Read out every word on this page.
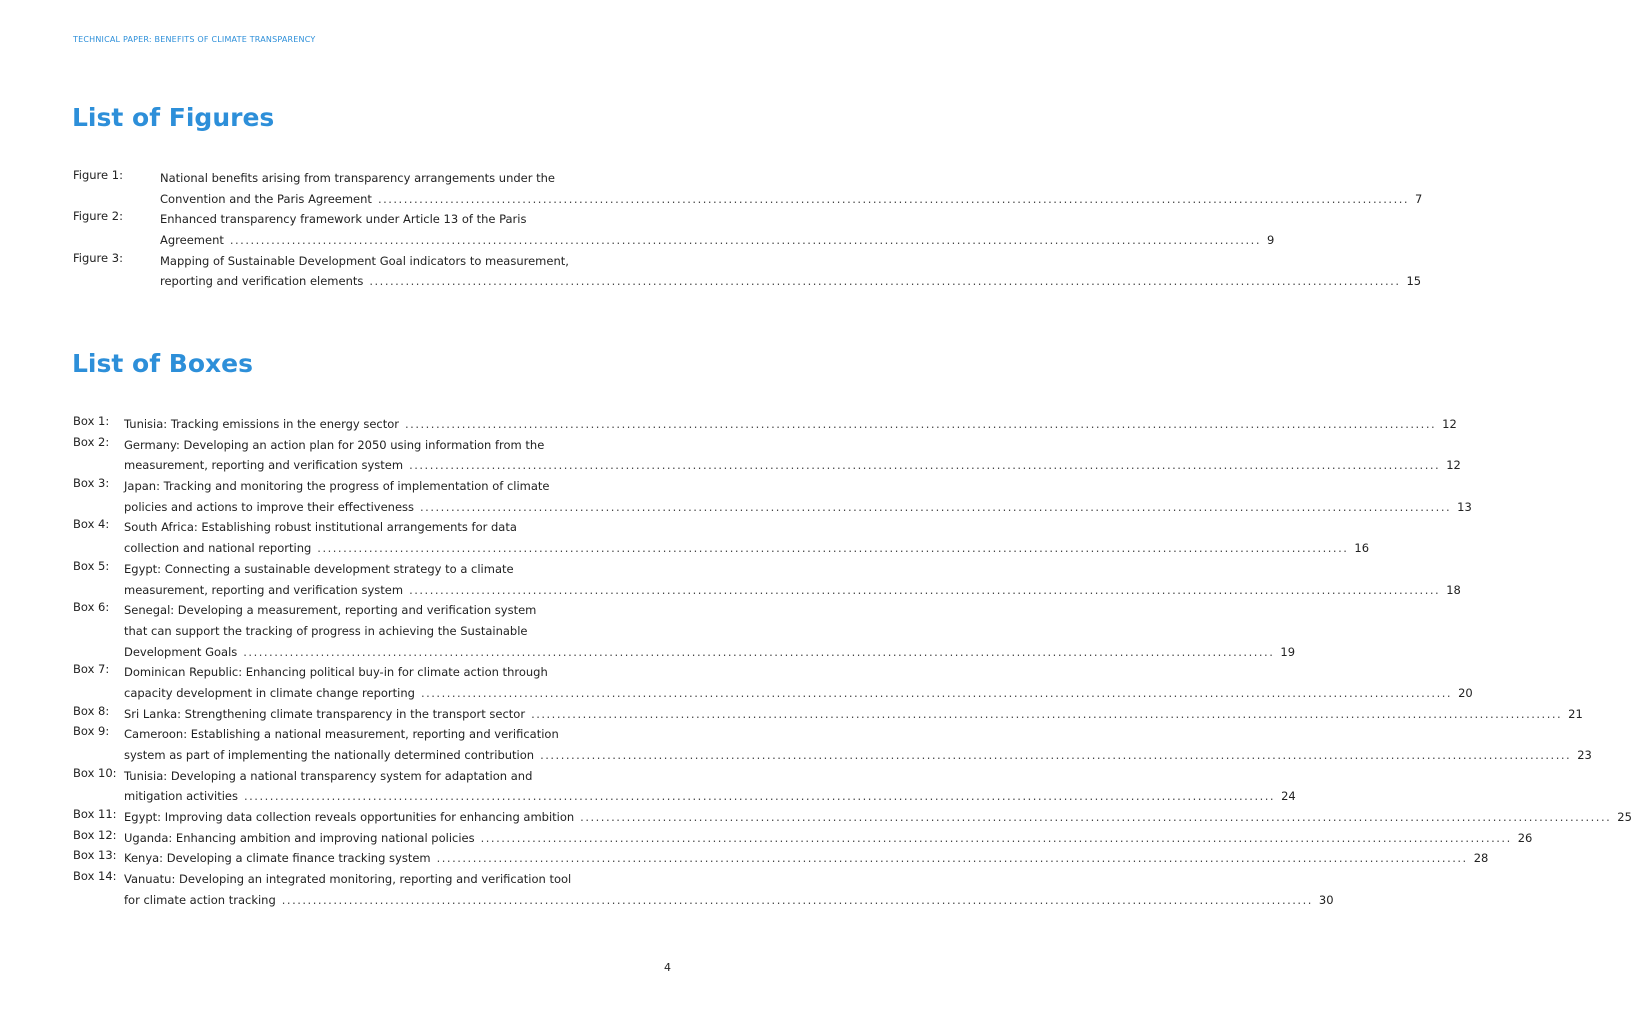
TECHNICAL PAPER: BENEFITS OF CLIMATE TRANSPARENCY
List of Figures
Figure 1:	National benefits arising from transparency arrangements under the
Convention and the Paris Agreement ........................................................................................................................................................................................................ 7
Figure 2:	Enhanced transparency framework under Article 13 of the Paris
Agreement ........................................................................................................................................................................................................ 9
Figure 3:	Mapping of Sustainable Development Goal indicators to measurement,
reporting and verification elements ........................................................................................................................................................................................................ 15
List of Boxes
Box 1: Tunisia: Tracking emissions in the energy sector ........................................................................................................................................................................................................ 12
Box 2: Germany: Developing an action plan for 2050 using information from the
measurement, reporting and verification system ........................................................................................................................................................................................................ 12
Box 3: Japan: Tracking and monitoring the progress of implementation of climate
policies and actions to improve their effectiveness ........................................................................................................................................................................................................ 13
Box 4: South Africa: Establishing robust institutional arrangements for data
collection and national reporting ........................................................................................................................................................................................................ 16
Box 5: Egypt: Connecting a sustainable development strategy to a climate
measurement, reporting and verification system ........................................................................................................................................................................................................ 18
Box 6: Senegal: Developing a measurement, reporting and verification system
that can support the tracking of progress in achieving the Sustainable
Development Goals ........................................................................................................................................................................................................ 19
Box 7: Dominican Republic: Enhancing political buy-in for climate action through
capacity development in climate change reporting ........................................................................................................................................................................................................ 20
Box 8: Sri Lanka: Strengthening climate transparency in the transport sector ........................................................................................................................................................................................................ 21
Box 9: Cameroon: Establishing a national measurement, reporting and verification
system as part of implementing the nationally determined contribution ........................................................................................................................................................................................................ 23
Box 10: Tunisia: Developing a national transparency system for adaptation and
mitigation activities ........................................................................................................................................................................................................ 24
Box 11: Egypt: Improving data collection reveals opportunities for enhancing ambition ........................................................................................................................................................................................................ 25
Box 12: Uganda: Enhancing ambition and improving national policies ........................................................................................................................................................................................................ 26
Box 13: Kenya: Developing a climate finance tracking system ........................................................................................................................................................................................................ 28
Box 14: Vanuatu: Developing an integrated monitoring, reporting and verification tool
for climate action tracking ........................................................................................................................................................................................................ 30
4
